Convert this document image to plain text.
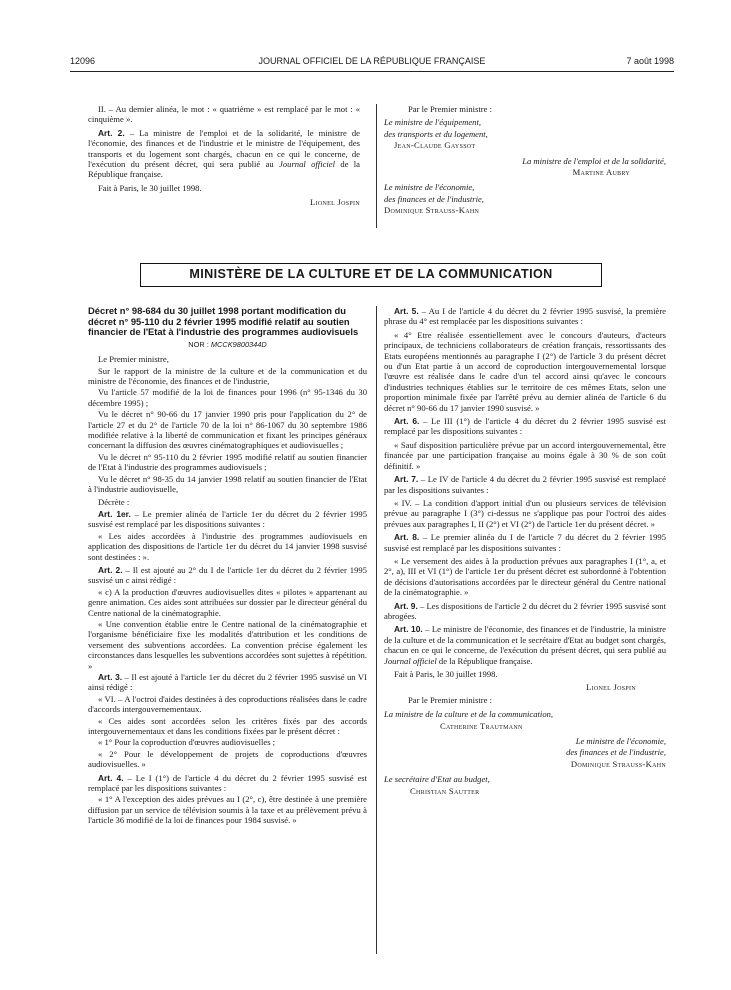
12096	JOURNAL OFFICIEL DE LA RÉPUBLIQUE FRANÇAISE	7 août 1998

II. – Au dernier alinéa, le mot : « quatrième » est remplacé par le mot : « cinquième ».

Art. 2. – La ministre de l'emploi et de la solidarité, le ministre de l'économie, des finances et de l'industrie et le ministre de l'équipement, des transports et du logement sont chargés, chacun en ce qui le concerne, de l'exécution du présent décret, qui sera publié au Journal officiel de la République française.

Fait à Paris, le 30 juillet 1998.

Lionel Jospin

Par le Premier ministre :

Le ministre de l'équipement,

des transports et du logement,

Jean-Claude Gayssot

La ministre de l'emploi et de la solidarité,

Martine Aubry

Le ministre de l'économie,

des finances et de l'industrie,

Dominique Strauss-Kahn

MINISTÈRE DE LA CULTURE ET DE LA COMMUNICATION
Décret n° 98-684 du 30 juillet 1998 portant modification du décret n° 95-110 du 2 février 1995 modifié relatif au soutien financier de l'Etat à l'industrie des programmes audiovisuels
NOR : MCCK9800344D

Le Premier ministre,

Sur le rapport de la ministre de la culture et de la communication et du ministre de l'économie, des finances et de l'industrie,

Vu l'article 57 modifié de la loi de finances pour 1996 (n° 95-1346 du 30 décembre 1995) ;

Vu le décret n° 90-66 du 17 janvier 1990 pris pour l'application du 2° de l'article 27 et du 2° de l'article 70 de la loi n° 86-1067 du 30 septembre 1986 modifiée relative à la liberté de communication et fixant les principes généraux concernant la diffusion des œuvres cinématographiques et audiovisuelles ;

Vu le décret n° 95-110 du 2 février 1995 modifié relatif au soutien financier de l'Etat à l'industrie des programmes audiovisuels ;

Vu le décret n° 98-35 du 14 janvier 1998 relatif au soutien financier de l'Etat à l'industrie audiovisuelle,

Décrète :

Art. 1er. – Le premier alinéa de l'article 1er du décret du 2 février 1995 susvisé est remplacé par les dispositions suivantes :

« Les aides accordées à l'industrie des programmes audiovisuels en application des dispositions de l'article 1er du décret du 14 janvier 1998 susvisé sont destinées : ».

Art. 2. – Il est ajouté au 2° du I de l'article 1er du décret du 2 février 1995 susvisé un c ainsi rédigé :

« c) A la production d'œuvres audiovisuelles dites « pilotes » appartenant au genre animation. Ces aides sont attribuées sur dossier par le directeur général du Centre national de la cinématographie.

« Une convention établie entre le Centre national de la cinématographie et l'organisme bénéficiaire fixe les modalités d'attribution et les conditions de versement des subventions accordées. La convention précise également les circonstances dans lesquelles les subventions accordées sont sujettes à répétition. »

Art. 3. – Il est ajouté à l'article 1er du décret du 2 février 1995 susvisé un VI ainsi rédigé :

« VI. – A l'octroi d'aides destinées à des coproductions réalisées dans le cadre d'accords intergouvernementaux.

« Ces aides sont accordées selon les critères fixés par des accords intergouvernementaux et dans les conditions fixées par le présent décret :

« 1° Pour la coproduction d'œuvres audiovisuelles ;

« 2° Pour le développement de projets de coproductions d'œuvres audiovisuelles. »

Art. 4. – Le I (1°) de l'article 4 du décret du 2 février 1995 susvisé est remplacé par les dispositions suivantes :

« 1° A l'exception des aides prévues au I (2°, c), être destinée à une première diffusion par un service de télévision soumis à la taxe et au prélèvement prévu à l'article 36 modifié de la loi de finances pour 1984 susvisé. »

Art. 5. – Au I de l'article 4 du décret du 2 février 1995 susvisé, la première phrase du 4° est remplacée par les dispositions suivantes :

« 4° Etre réalisée essentiellement avec le concours d'auteurs, d'acteurs principaux, de techniciens collaborateurs de création français, ressortissants des Etats européens mentionnés au paragraphe I (2°) de l'article 3 du présent décret ou d'un Etat partie à un accord de coproduction intergouvernemental lorsque l'œuvre est réalisée dans le cadre d'un tel accord ainsi qu'avec le concours d'industries techniques établies sur le territoire de ces mêmes Etats, selon une proportion minimale fixée par l'arrêté prévu au dernier alinéa de l'article 6 du décret n° 90-66 du 17 janvier 1990 susvisé. »

Art. 6. – Le III (1°) de l'article 4 du décret du 2 février 1995 susvisé est remplacé par les dispositions suivantes :

« Sauf disposition particulière prévue par un accord intergouvernemental, être financée par une participation française au moins égale à 30 % de son coût définitif. »

Art. 7. – Le IV de l'article 4 du décret du 2 février 1995 susvisé est remplacé par les dispositions suivantes :

« IV. – La condition d'apport initial d'un ou plusieurs services de télévision prévue au paragraphe I (3°) ci-dessus ne s'applique pas pour l'octroi des aides prévues aux paragraphes I, II (2°) et VI (2°) de l'article 1er du présent décret. »

Art. 8. – Le premier alinéa du I de l'article 7 du décret du 2 février 1995 susvisé est remplacé par les dispositions suivantes :

« Le versement des aides à la production prévues aux paragraphes I (1°, a, et 2°, a), III et VI (1°) de l'article 1er du présent décret est subordonné à l'obtention de décisions d'autorisations accordées par le directeur général du Centre national de la cinématographie. »

Art. 9. – Les dispositions de l'article 2 du décret du 2 février 1995 susvisé sont abrogées.

Art. 10. – Le ministre de l'économie, des finances et de l'industrie, la ministre de la culture et de la communication et le secrétaire d'Etat au budget sont chargés, chacun en ce qui le concerne, de l'exécution du présent décret, qui sera publié au Journal officiel de la République française.

Fait à Paris, le 30 juillet 1998.

Lionel Jospin

Par le Premier ministre :

La ministre de la culture et de la communication,

Catherine Trautmann

Le ministre de l'économie,

des finances et de l'industrie,

Dominique Strauss-Kahn

Le secrétaire d'Etat au budget,

Christian Sautter
